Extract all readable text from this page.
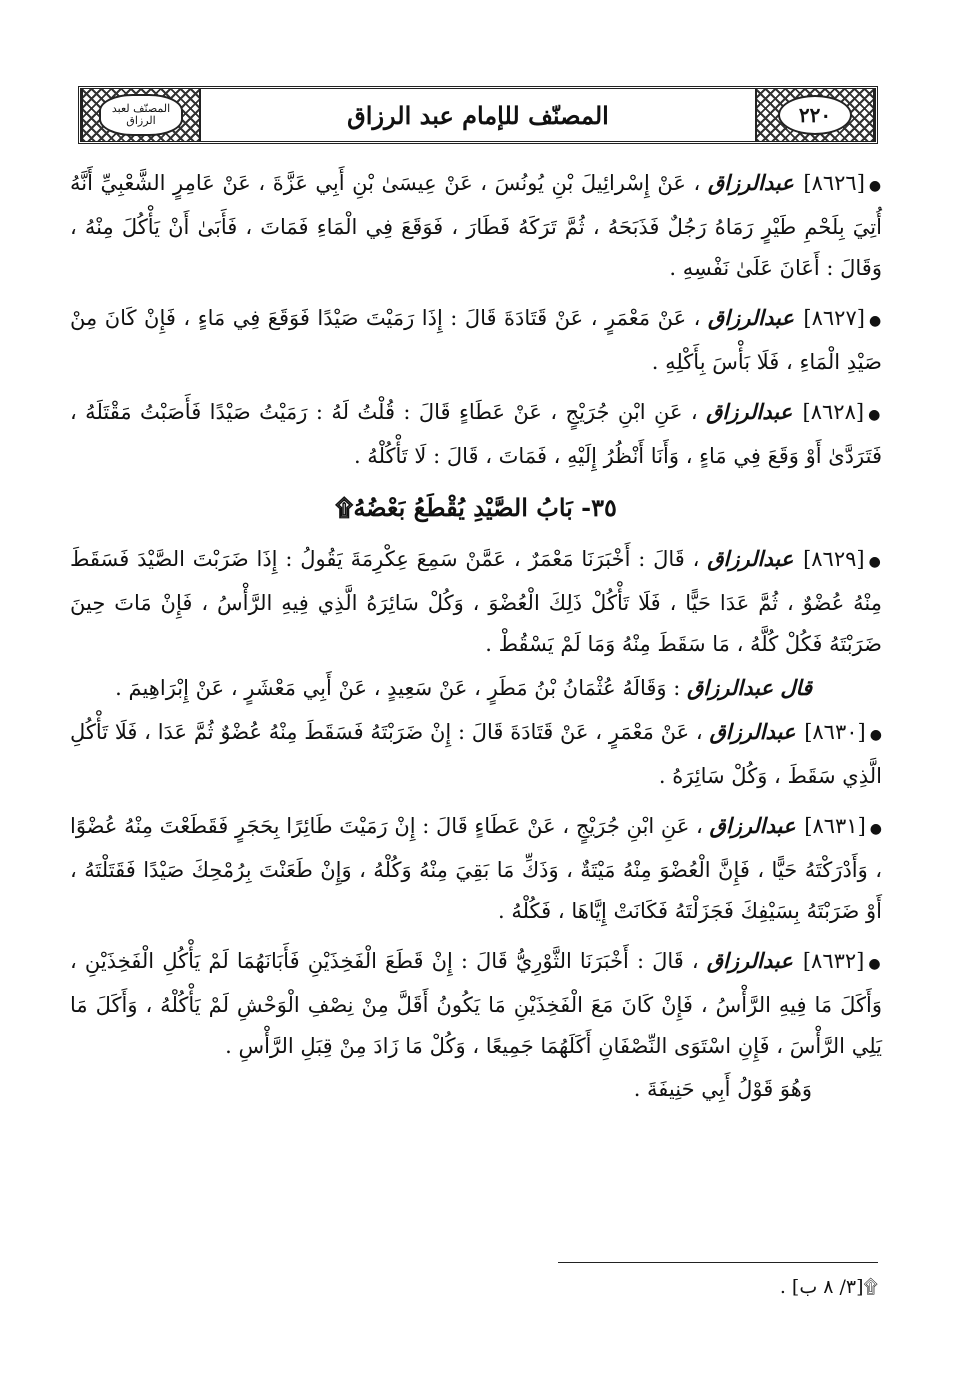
٢٢٠
المصنّف للإمام عبد الرزاق
المصنّف لعبد الرزاق

●[٨٦٢٦] عبدالرزاق ، عَنْ إِسْرائِيلَ بْنِ يُونُسَ ، عَنْ عِيسَىٰ بْنِ أَبِي عَزَّةَ ، عَنْ عَامِرٍ الشَّعْبِيِّ أَنَّهُ أُتِيَ بِلَحْمِ طَيْرٍ رَمَاهُ رَجُلٌ فَذَبَحَهُ ، ثُمَّ تَرَكَهُ فَطَارَ ، فَوَقَعَ فِي الْمَاءِ فَمَاتَ ، فَأَبَىٰ أَنْ يَأْكُلَ مِنْهُ ، وَقَالَ : أَعَانَ عَلَىٰ نَفْسِهِ .

●[٨٦٢٧] عبدالرزاق ، عَنْ مَعْمَرٍ ، عَنْ قَتَادَةَ قَالَ : إِذَا رَمَيْتَ صَيْدًا فَوَقَعَ فِي مَاءٍ ، فَإِنْ كَانَ مِنْ صَيْدِ الْمَاءِ ، فَلَا بَأْسَ بِأَكْلِهِ .

●[٨٦٢٨] عبدالرزاق ، عَنِ ابْنِ جُرَيْجٍ ، عَنْ عَطَاءٍ قَالَ : قُلْتُ لَهُ : رَمَيْتُ صَيْدًا فَأَصَبْتُ مَقْتَلَهُ ، فَتَرَدَّىٰ أَوْ وَقَعَ فِي مَاءٍ ، وَأَنَا أَنْظُرُ إِلَيْهِ ، فَمَاتَ ، قَالَ : لَا تَأْكُلْهُ .

٣٥- بَابُ الصَّيْدِ يُقْطَعُ بَعْضُهُ۩

●[٨٦٢٩] عبدالرزاق ، قَالَ : أَخْبَرَنَا مَعْمَرٌ ، عَمَّنْ سَمِعَ عِكْرِمَةَ يَقُولُ : إِذَا ضَرَبْتَ الصَّيْدَ فَسَقَطَ مِنْهُ عُضْوٌ ، ثُمَّ عَدَا حَيًّا ، فَلَا تَأْكُلْ ذَلِكَ الْعُضْوَ ، وَكُلْ سَائِرَهُ الَّذِي فِيهِ الرَّأْسُ ، فَإِنْ مَاتَ حِينَ ضَرَبْتَهُ فَكُلْ كُلَّهُ ، مَا سَقَطَ مِنْهُ وَمَا لَمْ يَسْقُطْ .

قال عبدالرزاق : وَقَالَهُ عُثْمَانُ بْنُ مَطَرٍ ، عَنْ سَعِيدٍ ، عَنْ أَبِي مَعْشَرٍ ، عَنْ إِبْرَاهِيمَ .

●[٨٦٣٠] عبدالرزاق ، عَنْ مَعْمَرٍ ، عَنْ قَتَادَةَ قَالَ : إِنْ ضَرَبْتَهُ فَسَقَطَ مِنْهُ عُضْوٌ ثُمَّ عَدَا ، فَلَا تَأْكُلِ الَّذِي سَقَطَ ، وَكُلْ سَائِرَهُ .

●[٨٦٣١] عبدالرزاق ، عَنِ ابْنِ جُرَيْجٍ ، عَنْ عَطَاءٍ قَالَ : إِنْ رَمَيْتَ طَائِرًا بِحَجَرٍ فَقَطَعْتَ مِنْهُ عُضْوًا ، وَأَدْرَكْتَهُ حَيًّا ، فَإِنَّ الْعُضْوَ مِنْهُ مَيْتَةٌ ، وَذَكِّ مَا بَقِيَ مِنْهُ وَكُلْهُ ، وَإِنْ طَعَنْتَ بِرُمْحِكَ صَيْدًا فَقَتَلْتَهُ ، أَوْ ضَرَبْتَهُ بِسَيْفِكَ فَجَزَلْتَهُ فَكَانَتْ إِيَّاهَا ، فَكُلْهُ .

●[٨٦٣٢] عبدالرزاق ، قَالَ : أَخْبَرَنَا الثَّوْرِيُّ قَالَ : إِنْ قَطَعَ الْفَخِذَيْنِ فَأَبَانَهُمَا لَمْ يَأْكُلِ الْفَخِذَيْنِ ، وَأَكَلَ مَا فِيهِ الرَّأْسُ ، فَإِنْ كَانَ مَعَ الْفَخِذَيْنِ مَا يَكُونُ أَقَلَّ مِنْ نِصْفِ الْوَحْشِ لَمْ يَأْكُلْهُ ، وَأَكَلَ مَا يَلِي الرَّأْسَ ، فَإِنِ اسْتَوَى النِّصْفَانِ أَكَلَهُمَا جَمِيعًا ، وَكُلْ مَا زَادَ مِنْ قِبَلِ الرَّأْسِ .

وَهُوَ قَوْلُ أَبِي حَنِيفَةَ .

۩[٣/ ٨ ب] .
